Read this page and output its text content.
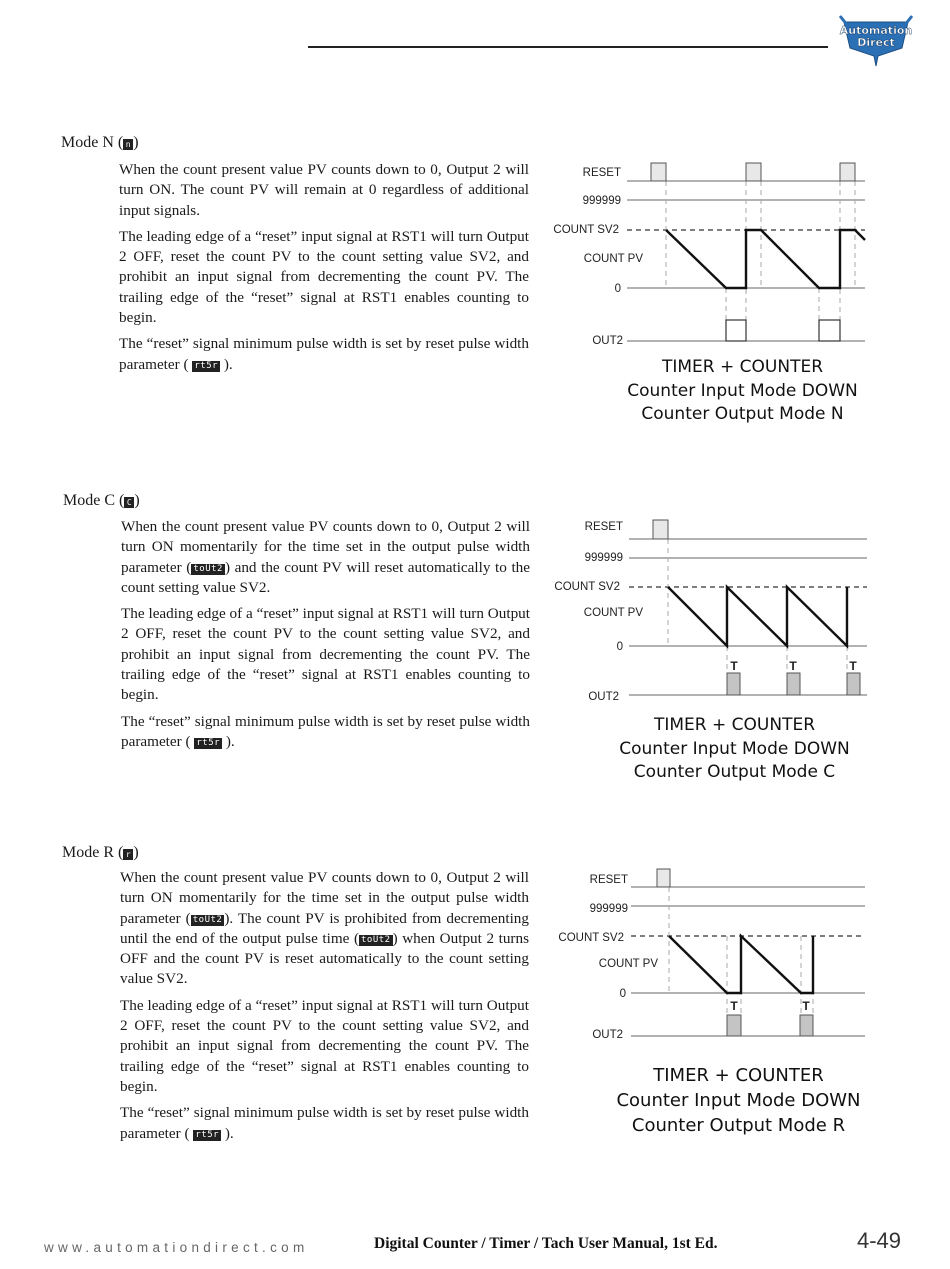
Automation
Direct
Mode N ( n )

When the count present value PV counts down to 0, Output 2 will turn ON. The count PV will remain at 0 regardless of additional input signals.

The leading edge of a “reset” input signal at RST1 will turn Output 2 OFF, reset the count PV to the count setting value SV2, and prohibit an input signal from decrementing the count PV. The trailing edge of the “reset” signal at RST1 enables counting to begin.

The “reset” signal minimum pulse width is set by reset pulse width parameter ( rt5r ).

RESET
999999
COUNT SV2
COUNT PV
0
OUT2
TIMER + COUNTER
Counter Input Mode DOWN
Counter Output Mode N
Mode C ( C )

When the count present value PV counts down to 0, Output 2 will turn ON momentarily for the time set in the output pulse width parameter ( toUt2 ) and the count PV will reset automatically to the count setting value SV2.

The leading edge of a “reset” input signal at RST1 will turn Output 2 OFF, reset the count PV to the count setting value SV2, and prohibit an input signal from decrementing the count PV. The trailing edge of the “reset” signal at RST1 enables counting to begin.

The “reset” signal minimum pulse width is set by reset pulse width parameter ( rt5r ).

T	T	T
RESET
999999
COUNT SV2
COUNT PV
0
OUT2
TIMER + COUNTER
Counter Input Mode DOWN
Counter Output Mode C
Mode R ( r )

When the count present value PV counts down to 0, Output 2 will turn ON momentarily for the time set in the output pulse width parameter ( toUt2 ). The count PV is prohibited from decrementing until the end of the output pulse time ( toUt2 ) when Output 2 turns OFF and the count PV is reset automatically to the count setting value SV2.

The leading edge of a “reset” input signal at RST1 will turn Output 2 OFF, reset the count PV to the count setting value SV2, and prohibit an input signal from decrementing the count PV. The trailing edge of the “reset” signal at RST1 enables counting to begin.

The “reset” signal minimum pulse width is set by reset pulse width parameter ( rt5r ).

T	T
RESET
999999
COUNT SV2
COUNT PV
0
OUT2
TIMER + COUNTER
Counter Input Mode DOWN
Counter Output Mode R
www.automationdirect.com	Digital Counter / Timer / Tach User Manual, 1st Ed.	4-49
